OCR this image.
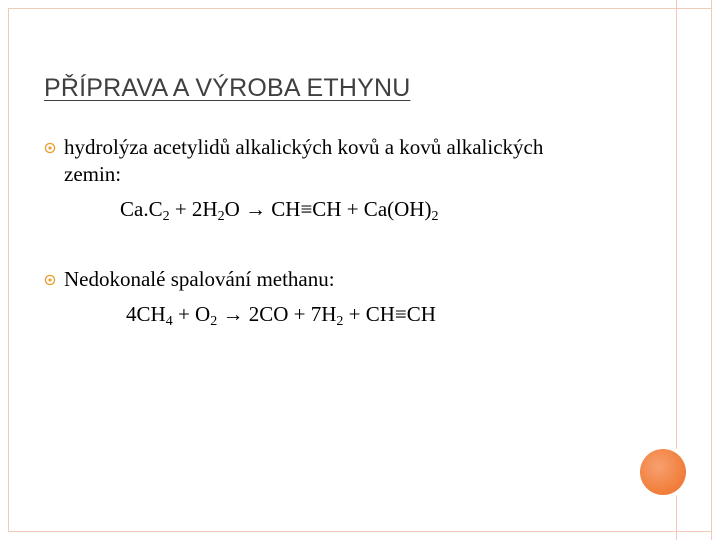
PŘÍPRAVA A VÝROBA ETHYNU
hydrolýza acetylidů alkalických kovů a kovů alkalických
zemin:
$Ca.C_2 + 2H_2O \to CH\equiv CH + Ca(OH)_2$
Nedokonalé spalování methanu:
$4CH_4 + O_2 \to 2CO + 7H_2 + CH\equiv CH$
